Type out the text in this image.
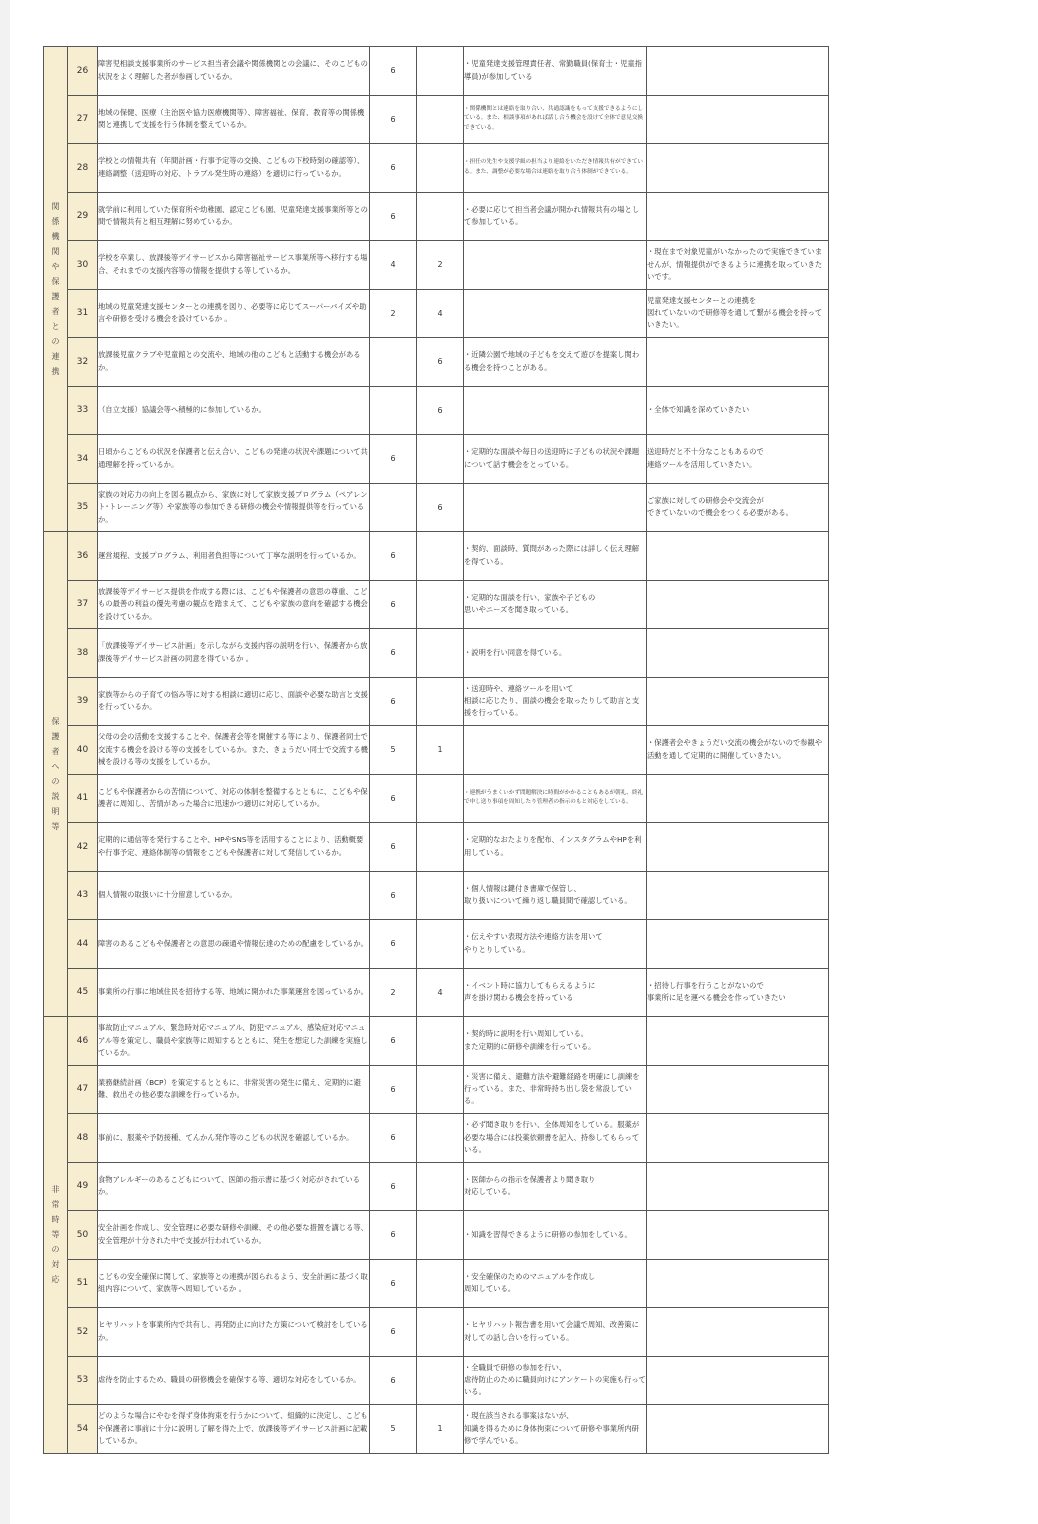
関係機関や保護者との連携	26	障害児相談支援事業所のサービス担当者会議や関係機関との会議に、そのこどもの状況をよく理解した者が参画しているか。	6		・児童発達支援管理責任者、常勤職員(保育士・児童指導員)が参加している	
	27	地域の保健、医療（主治医や協力医療機関等）、障害福祉、保育、教育等の関係機関と連携して支援を行う体制を整えているか。	6		・関係機関とは連絡を取り合い、共通認識をもって支援できるようにしている。また、相談事項があれば話し合う機会を設けて全体で意見交換できている。	
	28	学校との情報共有（年間計画・行事予定等の交換、こどもの下校時刻の確認等）、連絡調整（送迎時の対応、トラブル発生時の連絡）を適切に行っているか。	6		・担任の先生や支援学級の担当より連絡をいただき情報共有ができている。また、調整が必要な場合は連絡を取り合う体制ができている。	
	29	就学前に利用していた保育所や幼稚園、認定こども園、児童発達支援事業所等との間で情報共有と相互理解に努めているか。	6		・必要に応じて担当者会議が開かれ情報共有の場として参加している。	
	30	学校を卒業し、放課後等デイサービスから障害福祉サービス事業所等へ移行する場合、それまでの支援内容等の情報を提供する等しているか。	4	2		・現在まで対象児童がいなかったので実施できていませんが、情報提供ができるように連携を取っていきたいです。
	31	地域の児童発達支援センターとの連携を図り、必要等に応じてスーパーバイズや助言や研修を受ける機会を設けているか 。	2	4		児童発達支援センターとの連携を
図れていないので研修等を通して繋がる機会を持っていきたい。
	32	放課後児童クラブや児童館との交流や、地域の他のこどもと活動する機会があるか。		6	・近隣公園で地域の子どもを交えて遊びを提案し関わる機会を持つことがある。	
	33	（自立支援）協議会等へ積極的に参加しているか。		6		・全体で知識を深めていきたい
	34	日頃からこどもの状況を保護者と伝え合い、こどもの発達の状況や課題について共通理解を持っているか。	6		・定期的な面談や毎日の送迎時に子どもの状況や課題について話す機会をとっている。	送迎時だと不十分なこともあるので
連絡ツールを活用していきたい。
	35	家族の対応力の向上を図る観点から、家族に対して家族支援プログラム（ペアレント･トレーニング等）や家族等の参加できる研修の機会や情報提供等を行っているか。		6		ご家族に対しての研修会や交流会が
できていないので機会をつくる必要がある。
保護者への説明等	36	運営規程、支援プログラム、利用者負担等について丁寧な説明を行っているか。	6		・契約、面談時、質問があった際には詳しく伝え理解を得ている。	
	37	放課後等デイサービス提供を作成する際には、こどもや保護者の意思の尊重、こどもの最善の利益の優先考慮の観点を踏まえて、こどもや家族の意向を確認する機会を設けているか。	6		・定期的な面談を行い、家族や子どもの
思いやニーズを聞き取っている。	
	38	「放課後等デイサービス計画」を示しながら支援内容の説明を行い、保護者から放課後等デイサービス計画の同意を得ているか 。	6		・説明を行い同意を得ている。	
	39	家族等からの子育ての悩み等に対する相談に適切に応じ、面談や必要な助言と支援を行っているか。	6		・送迎時や、連絡ツールを用いて
相談に応じたり、面談の機会を取ったりして助言と支援を行っている。	
	40	父母の会の活動を支援することや、保護者会等を開催する等により、保護者同士で交流する機会を設ける等の支援をしているか。また、きょうだい同士で交流する機械を設ける等の支援をしているか。	5	1		・保護者会やきょうだい交流の機会がないので参観や活動を通して定期的に開催していきたい。
	41	こどもや保護者からの苦情について、対応の体制を整備するとともに、こどもや保護者に周知し、苦情があった場合に迅速かつ適切に対応しているか。	6		・連携がうまくいかず問題解決に時間がかかることもあるが朝礼、終礼で申し送り事項を周知したり管理者の指示のもと対応をしている。	
	42	定期的に通信等を発行することや、HPやSNS等を活用することにより、活動概要や行事予定、連絡体制等の情報をこどもや保護者に対して発信しているか。	6		・定期的なおたよりを配布、インスタグラムやHPを利用している。	
	43	個人情報の取扱いに十分留意しているか。	6		・個人情報は鍵付き書庫で保管し、
取り扱いについて繰り返し職員間で確認している。	
	44	障害のあるこどもや保護者との意思の疎通や情報伝達のための配慮をしているか。	6		・伝えやすい表現方法や連絡方法を用いて
やりとりしている。	
	45	事業所の行事に地域住民を招待する等、地域に開かれた事業運営を図っているか。	2	4	・イベント時に協力してもらえるように
声を掛け関わる機会を持っている	・招待し行事を行うことがないので
事業所に足を運べる機会を作っていきたい
非常時等の対応	46	事故防止マニュアル、緊急時対応マニュアル、防犯マニュアル、感染症対応マニュアル等を策定し、職員や家族等に周知するとともに、発生を想定した訓練を実施しているか。	6		・契約時に説明を行い周知している。
また定期的に研修や訓練を行っている。	
	47	業務継続計画（BCP）を策定するとともに、非常災害の発生に備え、定期的に避難、救出その他必要な訓練を行っているか。	6		・災害に備え、避難方法や避難経路を明確にし訓練を行っている。また、非常時持ち出し袋を常設している。	
	48	事前に、服薬や予防接種、てんかん発作等のこどもの状況を確認しているか。	6		・必ず聞き取りを行い、全体周知をしている。服薬が必要な場合には投薬依頼書を記入、持参してもらっている。	
	49	食物アレルギーのあるこどもについて、医師の指示書に基づく対応がされているか。	6		・医師からの指示を保護者より聞き取り
対応している。	
	50	安全計画を作成し、安全管理に必要な研修や訓練、その他必要な措置を講じる等、安全管理が十分された中で支援が行われているか。	6		・知識を習得できるように研修の参加をしている。	
	51	こどもの安全確保に関して、家族等との連携が図られるよう、安全計画に基づく取組内容について、家族等へ周知しているか 。	6		・安全確保のためのマニュアルを作成し
周知している。	
	52	ヒヤリハットを事業所内で共有し、再発防止に向けた方策について検討をしているか。	6		・ヒヤリハット報告書を用いて会議で周知、改善策に対しての話し合いを行っている。	
	53	虐待を防止するため、職員の研修機会を確保する等、適切な対応をしているか。	6		・全職員で研修の参加を行い、
虐待防止のために職員向けにアンケートの実施も行っている。	
	54	どのような場合にやむを得ず身体拘束を行うかについて、組織的に決定し、こどもや保護者に事前に十分に説明し了解を得た上で、放課後等デイサービス計画に記載しているか。	5	1	・現在該当される事案はないが、
知識を得るために身体拘束について研修や事業所内研修で学んでいる。	
